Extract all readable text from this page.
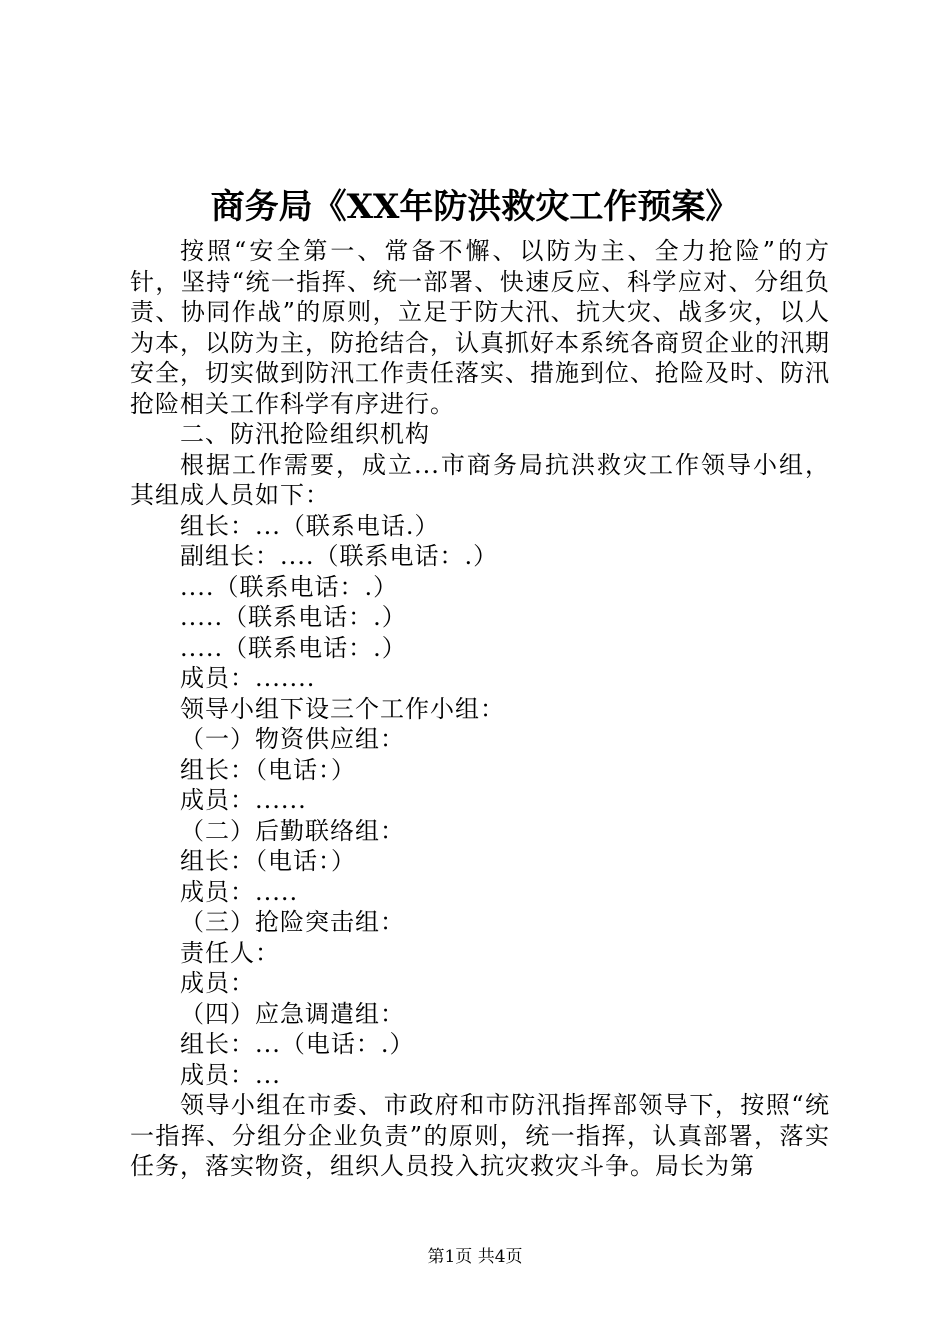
商务局《XX年防洪救灾工作预案》

按照“安全第一、常备不懈、以防为主、全力抢险”的方针，坚持“统一指挥、统一部署、快速反应、科学应对、分组负责、协同作战”的原则，立足于防大汛、抗大灾、战多灾，以人为本，以防为主，防抢结合，认真抓好本系统各商贸企业的汛期安全，切实做到防汛工作责任落实、措施到位、抢险及时、防汛抢险相关工作科学有序进行。

二、防汛抢险组织机构

根据工作需要，成立...市商务局抗洪救灾工作领导小组，其组成人员如下：

组长：...（联系电话.）

副组长：....（联系电话：.）

....（联系电话：.）

.....（联系电话：.）

.....（联系电话：.）

成员：.......

领导小组下设三个工作小组：

（一）物资供应组：

组长：（电话：）

成员：......

（二）后勤联络组：

组长：（电话：）

成员：.....

（三）抢险突击组：

责任人：

成员：

（四）应急调遣组：

组长：...（电话：.）

成员：...

领导小组在市委、市政府和市防汛指挥部领导下，按照“统一指挥、分组分企业负责”的原则，统一指挥，认真部署，落实任务，落实物资，组织人员投入抗灾救灾斗争。局长为第

第1页 共4页
